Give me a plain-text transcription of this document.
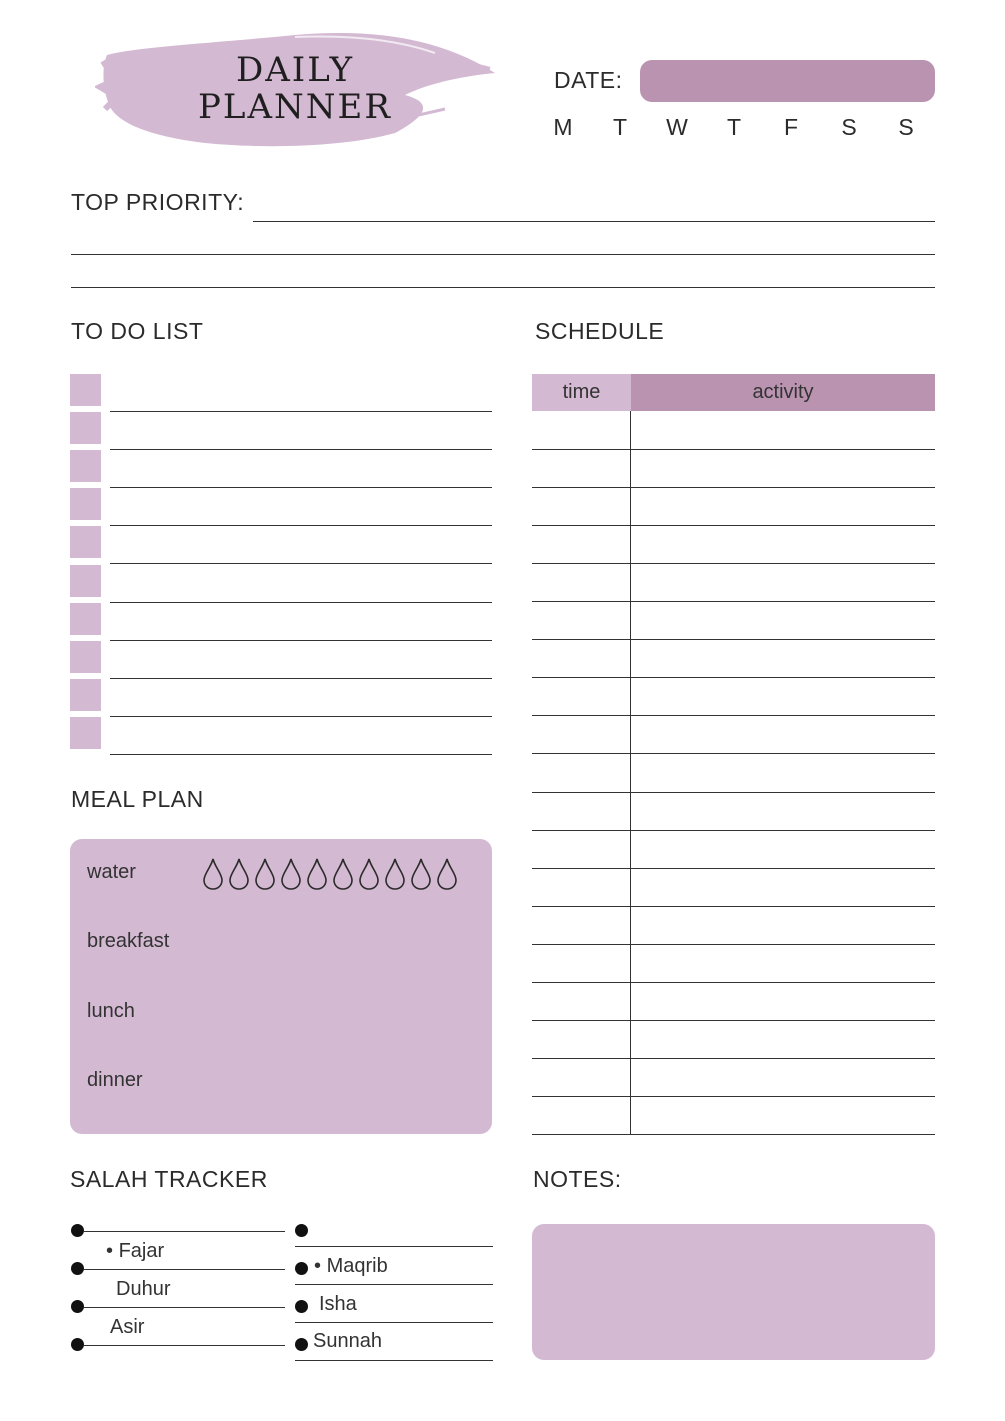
DAILY
PLANNER
DATE:
M T W T F S S
TOP PRIORITY:
TO DO LIST	SCHEDULE
time	activity
MEAL PLAN
water
breakfast
lunch
dinner
SALAH TRACKER
• Fajar
Duhur
Asir
• Maqrib
Isha
Sunnah
NOTES:
